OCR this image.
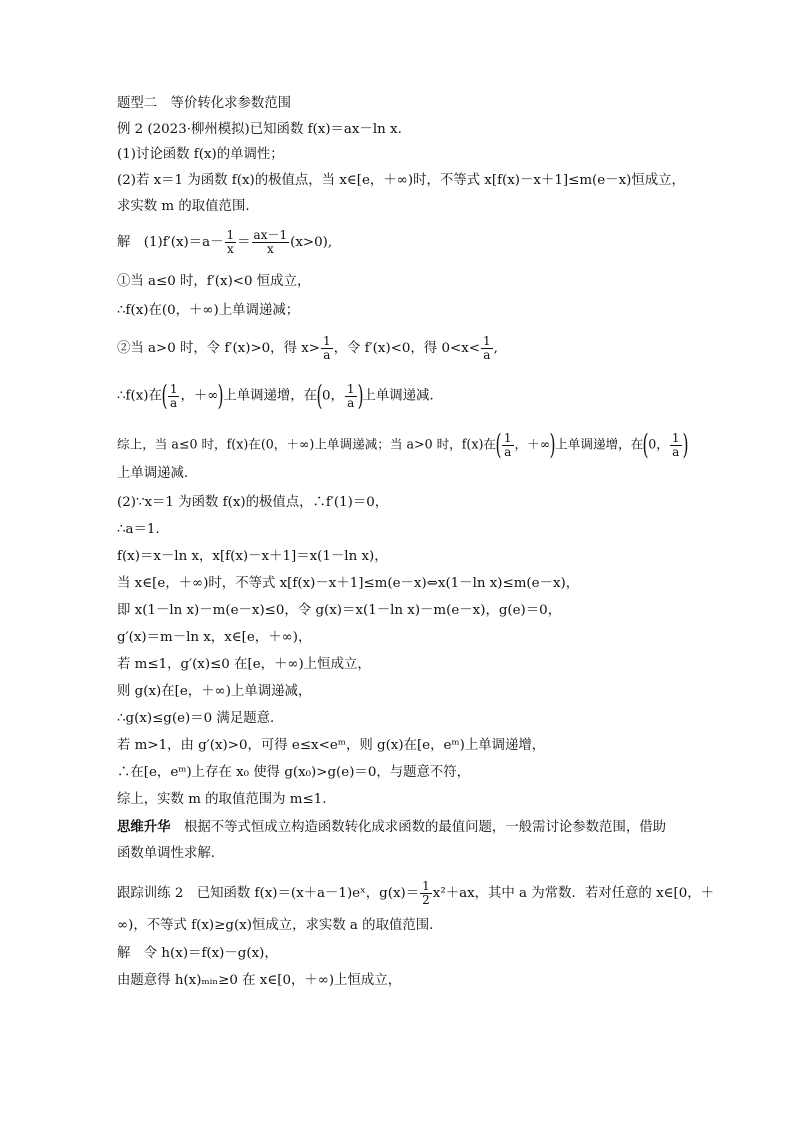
题型二　等价转化求参数范围
例 2 (2023·柳州模拟)已知函数 f(x)＝ax－ln x.
(1)讨论函数 f(x)的单调性；
(2)若 x＝1 为函数 f(x)的极值点，当 x∈[e，＋∞)时，不等式 x[f(x)－x＋1]≤m(e－x)恒成立，
求实数 m 的取值范围．
解　$(1)f'(x)=a- \frac{1}{x} = \frac{ax-1}{x} (x>0)$,
①当 a≤0 时，f′(x)<0 恒成立，
∴f(x)在(0，＋∞)上单调递减；
②当 a>0 时，令 f′(x)>0，得 $x> \frac{1}{a}$ ，令 f′(x)<0，得 $0<x< \frac{1}{a}$ ,
∴f(x)在( $\frac{1}{a}$ ，＋∞)上单调递增，在(0， $\frac{1}{a}$ )上单调递减．
综上，当 a≤0 时，f(x)在(0，＋∞)上单调递减；当 a>0 时，f(x)在( $\frac{1}{a}$ ，＋∞)上单调递增，在(0， $\frac{1}{a}$ )
上单调递减．
(2)∵x＝1 为函数 f(x)的极值点，∴f′(1)＝0，
∴a＝1.
f(x)＝x－ln x，x[f(x)－x＋1]＝x(1－ln x)，
当 x∈[e，＋∞)时，不等式 x[f(x)－x＋1]≤m(e－x)⇔x(1－ln x)≤m(e－x)，
即 x(1－ln x)－m(e－x)≤0，令 g(x)＝x(1－ln x)－m(e－x)，g(e)＝0，
g′(x)＝m－ln x，x∈[e，＋∞)，
若 m≤1，g′(x)≤0 在[e，＋∞)上恒成立，
则 g(x)在[e，＋∞)上单调递减，
∴g(x)≤g(e)＝0 满足题意．
若 m>1，由 g′(x)>0，可得 e≤x<eᵐ，则 g(x)在[e，eᵐ)上单调递增，
∴在[e，eᵐ)上存在 x₀ 使得 g(x₀)>g(e)＝0，与题意不符，
综上，实数 m 的取值范围为 m≤1.
思维升华　根据不等式恒成立构造函数转化成求函数的最值问题，一般需讨论参数范围，借助
函数单调性求解．
跟踪训练 2　已知函数 f(x)＝(x＋a－1)eˣ，$g(x)= \frac{1}{2} x^2+ax$，其中 a 为常数．若对任意的 x∈[0，＋
∞)，不等式 f(x)≥g(x)恒成立，求实数 a 的取值范围．
解　令 h(x)＝f(x)－g(x)，
由题意得 h(x)ₘᵢₙ≥0 在 x∈[0，＋∞)上恒成立，
